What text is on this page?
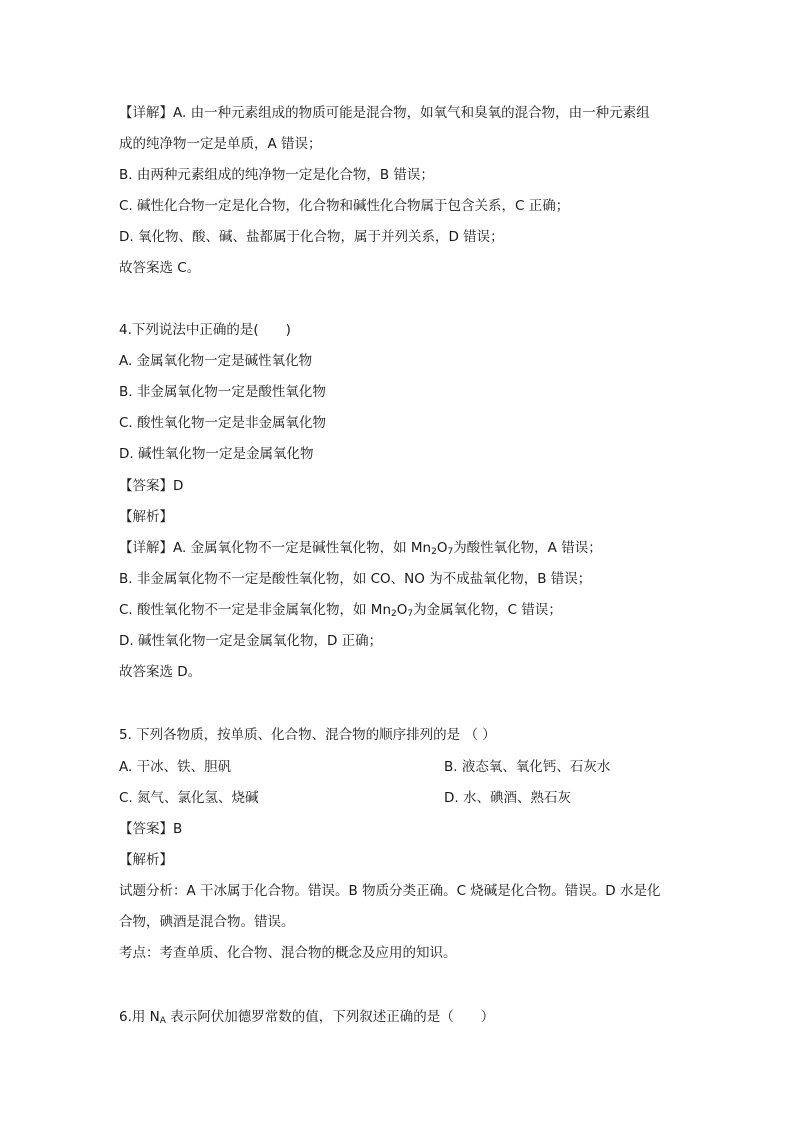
【详解】A. 由一种元素组成的物质可能是混合物，如氧气和臭氧的混合物，由一种元素组
成的纯净物一定是单质，A 错误；
B. 由两种元素组成的纯净物一定是化合物，B 错误；
C. 碱性化合物一定是化合物，化合物和碱性化合物属于包含关系，C 正确；
D. 氧化物、酸、碱、盐都属于化合物，属于并列关系，D 错误；
故答案选 C。
4.下列说法中正确的是(　　)
A. 金属氧化物一定是碱性氧化物
B. 非金属氧化物一定是酸性氧化物
C. 酸性氧化物一定是非金属氧化物
D. 碱性氧化物一定是金属氧化物
【答案】D
【解析】
【详解】A. 金属氧化物不一定是碱性氧化物，如 $Mn_2O_7$为酸性氧化物，A 错误；
B. 非金属氧化物不一定是酸性氧化物，如 CO、NO 为不成盐氧化物，B 错误；
C. 酸性氧化物不一定是非金属氧化物，如 $Mn_2O_7$为金属氧化物，C 错误；
D. 碱性氧化物一定是金属氧化物，D 正确；
故答案选 D。
5. 下列各物质，按单质、化合物、混合物的顺序排列的是 （ ）
A. 干冰、铁、胆矾	B. 液态氧、氧化钙、石灰水
C. 氮气、氯化氢、烧碱	D. 水、碘酒、熟石灰
【答案】B
【解析】
试题分析：A 干冰属于化合物。错误。B 物质分类正确。C 烧碱是化合物。错误。D 水是化
合物，碘酒是混合物。错误。
考点：考查单质、化合物、混合物的概念及应用的知识。
6.用 $N_A$ 表示阿伏加德罗常数的值，下列叙述正确的是（　　）
